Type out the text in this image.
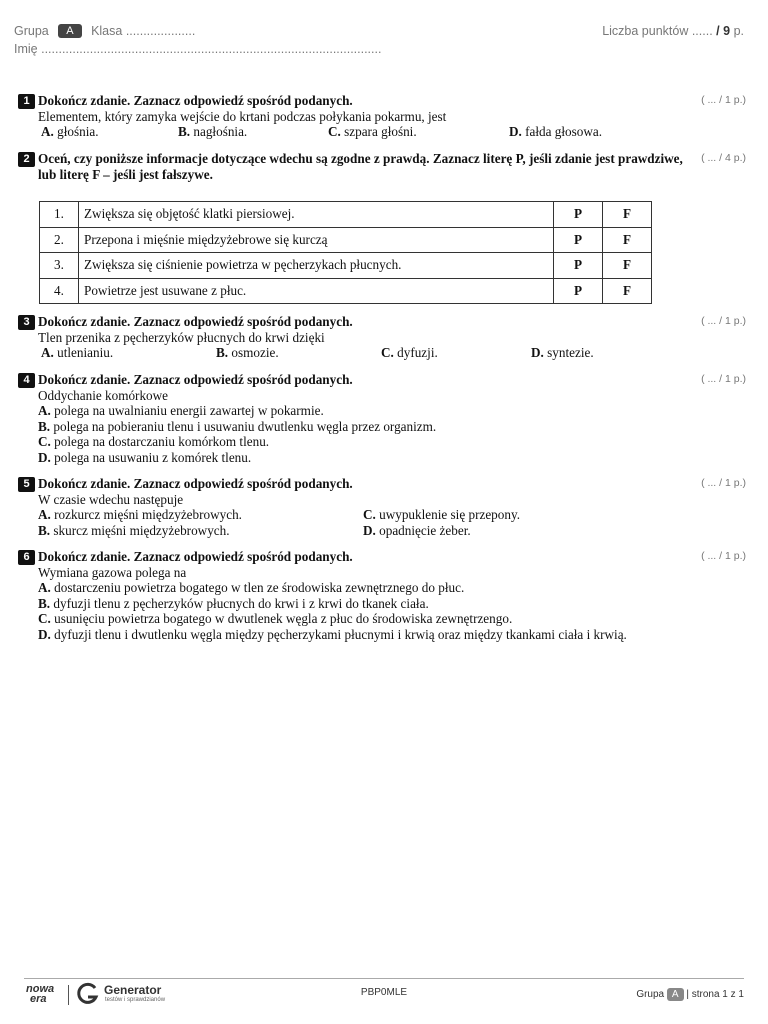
Grupa A Klasa ....................	Liczba punktów ...... / 9 p.
Imię ..................................................................................................
1	( ... / 1 p.)
Dokończ zdanie. Zaznacz odpowiedź spośród podanych.
Elementem, który zamyka wejście do krtani podczas połykania pokarmu, jest
A. głośnia.	B. nagłośnia.	C. szpara głośni.	D. fałda głosowa.
2	( ... / 4 p.)
Oceń, czy poniższe informacje dotyczące wdechu są zgodne z prawdą. Zaznacz literę P, jeśli zdanie jest prawdziwe, lub literę F – jeśli jest fałszywe.
1.	Zwiększa się objętość klatki piersiowej.	P	F
2.	Przepona i mięśnie międzyżebrowe się kurczą	P	F
3.	Zwiększa się ciśnienie powietrza w pęcherzykach płucnych.	P	F
4.	Powietrze jest usuwane z płuc.	P	F
3	( ... / 1 p.)
Dokończ zdanie. Zaznacz odpowiedź spośród podanych.
Tlen przenika z pęcherzyków płucnych do krwi dzięki
A. utlenianiu.	B. osmozie.	C. dyfuzji.	D. syntezie.
4	( ... / 1 p.)
Dokończ zdanie. Zaznacz odpowiedź spośród podanych.
Oddychanie komórkowe
A. polega na uwalnianiu energii zawartej w pokarmie.
B. polega na pobieraniu tlenu i usuwaniu dwutlenku węgla przez organizm.
C. polega na dostarczaniu komórkom tlenu.
D. polega na usuwaniu z komórek tlenu.
5	( ... / 1 p.)
Dokończ zdanie. Zaznacz odpowiedź spośród podanych.
W czasie wdechu następuje
A. rozkurcz mięśni międzyżebrowych.	C. uwypuklenie się przepony.
B. skurcz mięśni międzyżebrowych.	D. opadnięcie żeber.
6	( ... / 1 p.)
Dokończ zdanie. Zaznacz odpowiedź spośród podanych.
Wymiana gazowa polega na
A. dostarczeniu powietrza bogatego w tlen ze środowiska zewnętrznego do płuc.
B. dyfuzji tlenu z pęcherzyków płucnych do krwi i z krwi do tkanek ciała.
C. usunięciu powietrza bogatego w dwutlenek węgla z płuc do środowiska zewnętrzengo.
D. dyfuzji tlenu i dwutlenku węgla między pęcherzykami płucnymi i krwią oraz między tkankami ciała i krwią.
nowa
era
Generator
testów i sprawdzianów
PBP0MLE	Grupa A | strona 1 z 1
